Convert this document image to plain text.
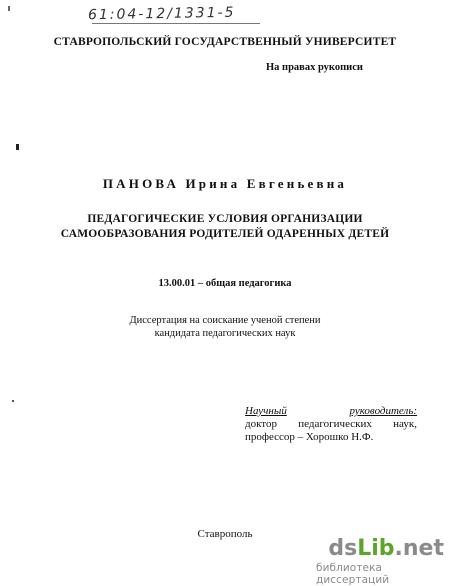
61:04-12/1331-5
СТАВРОПОЛЬСКИЙ ГОСУДАРСТВЕННЫЙ УНИВЕРСИТЕТ
На правах рукописи
ПАНОВА Ирина Евгеньевна
ПЕДАГОГИЧЕСКИЕ УСЛОВИЯ ОРГАНИЗАЦИИ
САМООБРАЗОВАНИЯ РОДИТЕЛЕЙ ОДАРЕННЫХ ДЕТЕЙ
13.00.01 – общая педагогика
Диссертация на соискание ученой степени
кандидата педагогических наук
Научный	руководитель:
доктор педагогических наук,
профессор – Хорошко Н.Ф.
Ставрополь
dsLib.net
библиотека диссертаций
